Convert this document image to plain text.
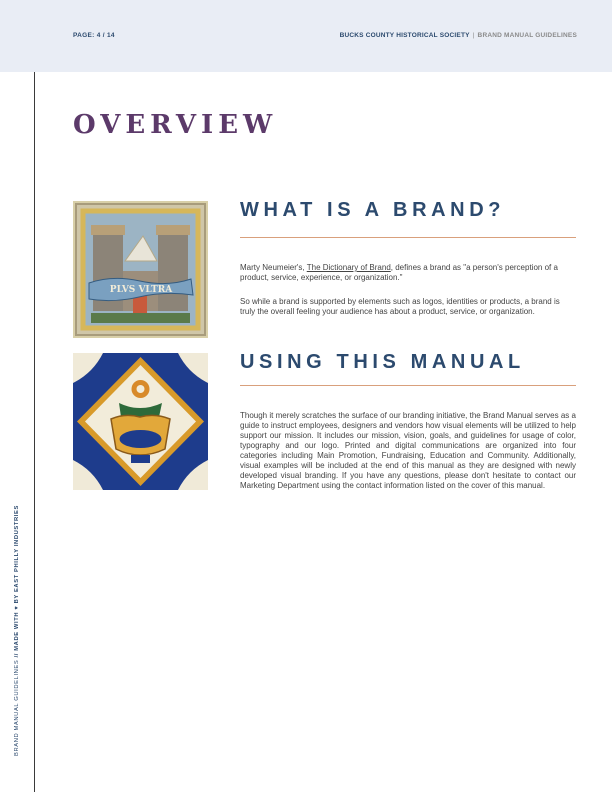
PAGE: 4 / 14	BUCKS COUNTY HISTORICAL SOCIETY | BRAND MANUAL GUIDELINES
BRAND MANUAL GUIDELINES // MADE WITH ♥ BY EAST PHILLY INDUSTRIES
OVERVIEW
PLVS VLTRA
WHAT IS A BRAND?

Marty Neumeier's, The Dictionary of Brand, defines a brand as "a person's perception of a product, service, experience, or organization."

So while a brand is supported by elements such as logos, identities or products, a brand is truly the overall feeling your audience has about a product, service, or organization.

USING THIS MANUAL

Though it merely scratches the surface of our branding initiative, the Brand Manual serves as a guide to instruct employees, designers and vendors how visual elements will be utilized to help support our mission. It includes our mission, vision, goals, and guidelines for usage of color, typography and our logo. Printed and digital communications are organized into four categories including Main Promotion, Fundraising, Education and Community. Additionally, visual examples will be included at the end of this manual as they are designed with newly developed visual branding. If you have any questions, please don't hesitate to contact our Marketing Department using the contact information listed on the cover of this manual.
